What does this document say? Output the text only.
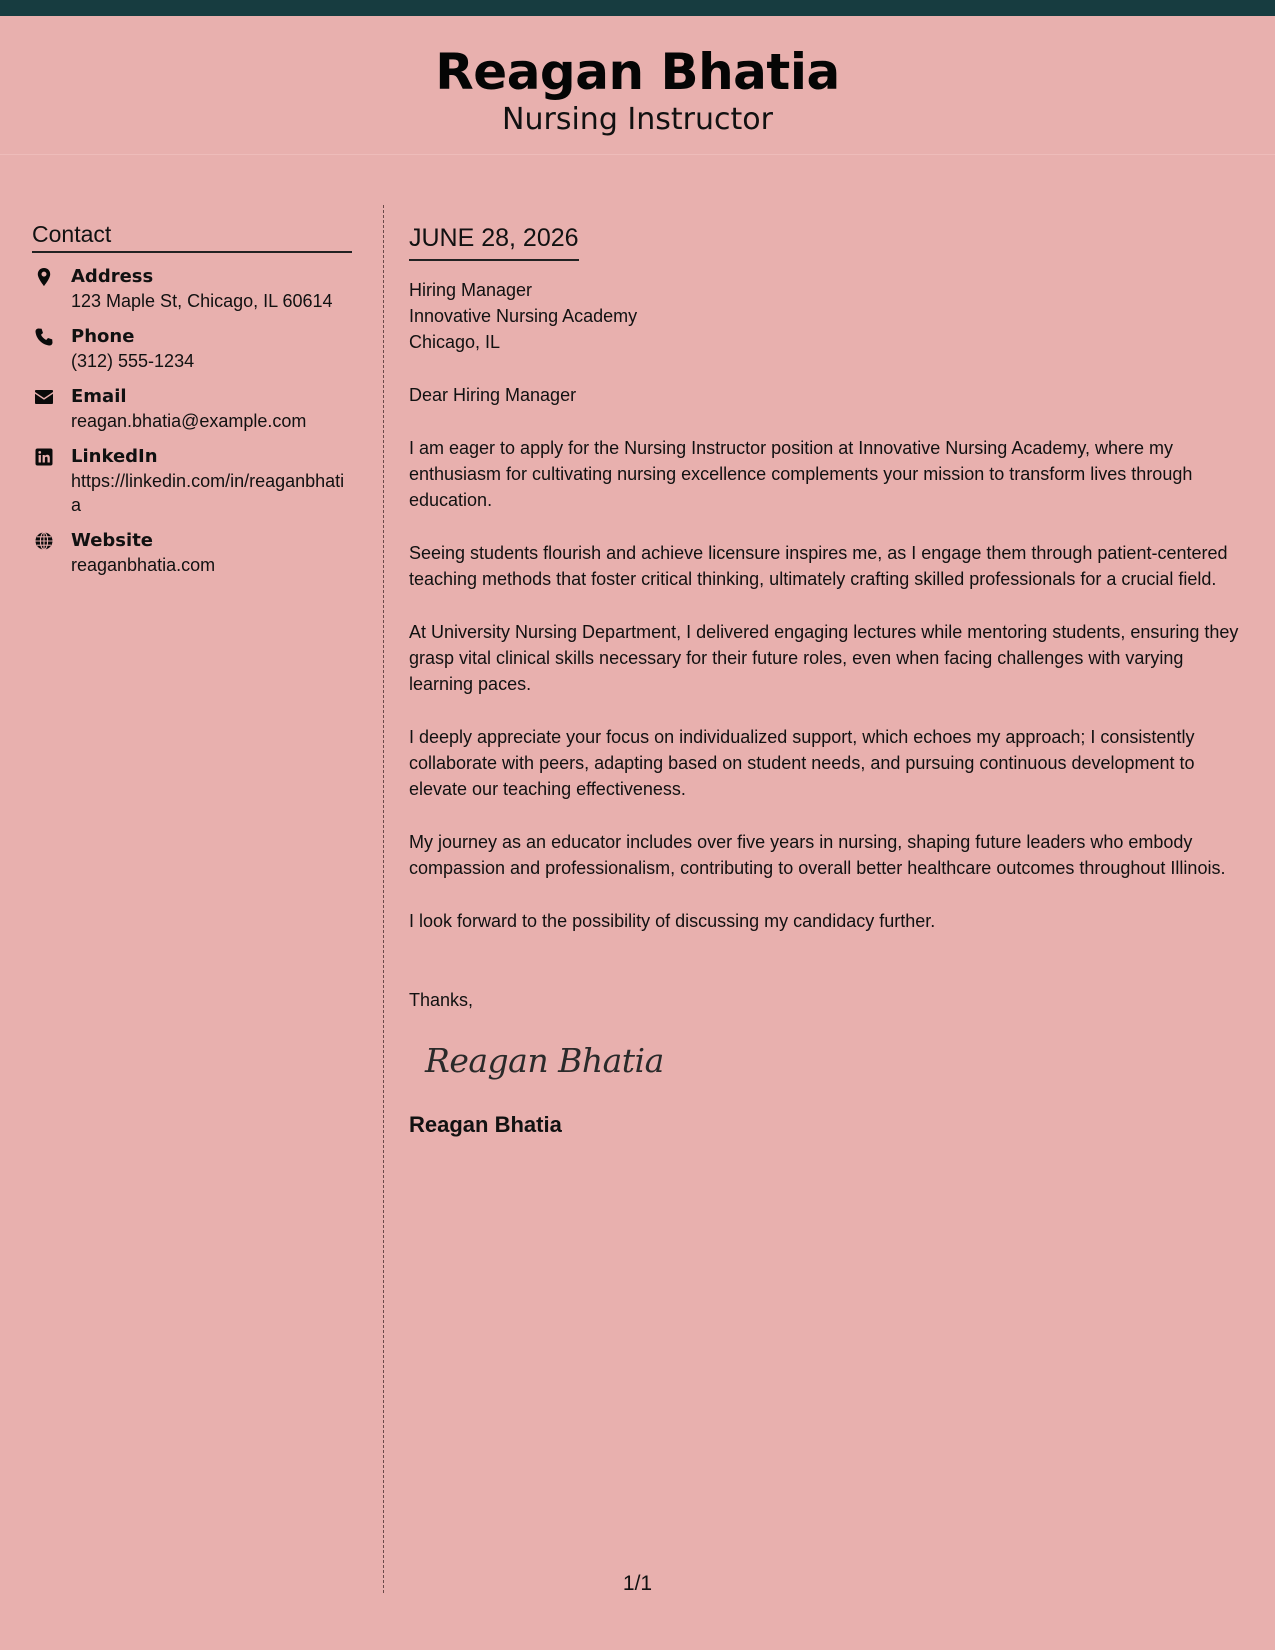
Reagan Bhatia
Nursing Instructor
Contact
Address
123 Maple St, Chicago, IL 60614
Phone
(312) 555-1234
Email
reagan.bhatia@example.com
LinkedIn
https://linkedin.com/in/reaganbhatia
Website
reaganbhatia.com
JUNE 28, 2026
Hiring Manager
Innovative Nursing Academy
Chicago, IL
Dear Hiring Manager
I am eager to apply for the Nursing Instructor position at Innovative Nursing Academy, where my enthusiasm for cultivating nursing excellence complements your mission to transform lives through education.
Seeing students flourish and achieve licensure inspires me, as I engage them through patient-centered teaching methods that foster critical thinking, ultimately crafting skilled professionals for a crucial field.
At University Nursing Department, I delivered engaging lectures while mentoring students, ensuring they grasp vital clinical skills necessary for their future roles, even when facing challenges with varying learning paces.
I deeply appreciate your focus on individualized support, which echoes my approach; I consistently collaborate with peers, adapting based on student needs, and pursuing continuous development to elevate our teaching effectiveness.
My journey as an educator includes over five years in nursing, shaping future leaders who embody compassion and professionalism, contributing to overall better healthcare outcomes throughout Illinois.
I look forward to the possibility of discussing my candidacy further.
Thanks,
Reagan Bhatia
Reagan Bhatia
1/1
